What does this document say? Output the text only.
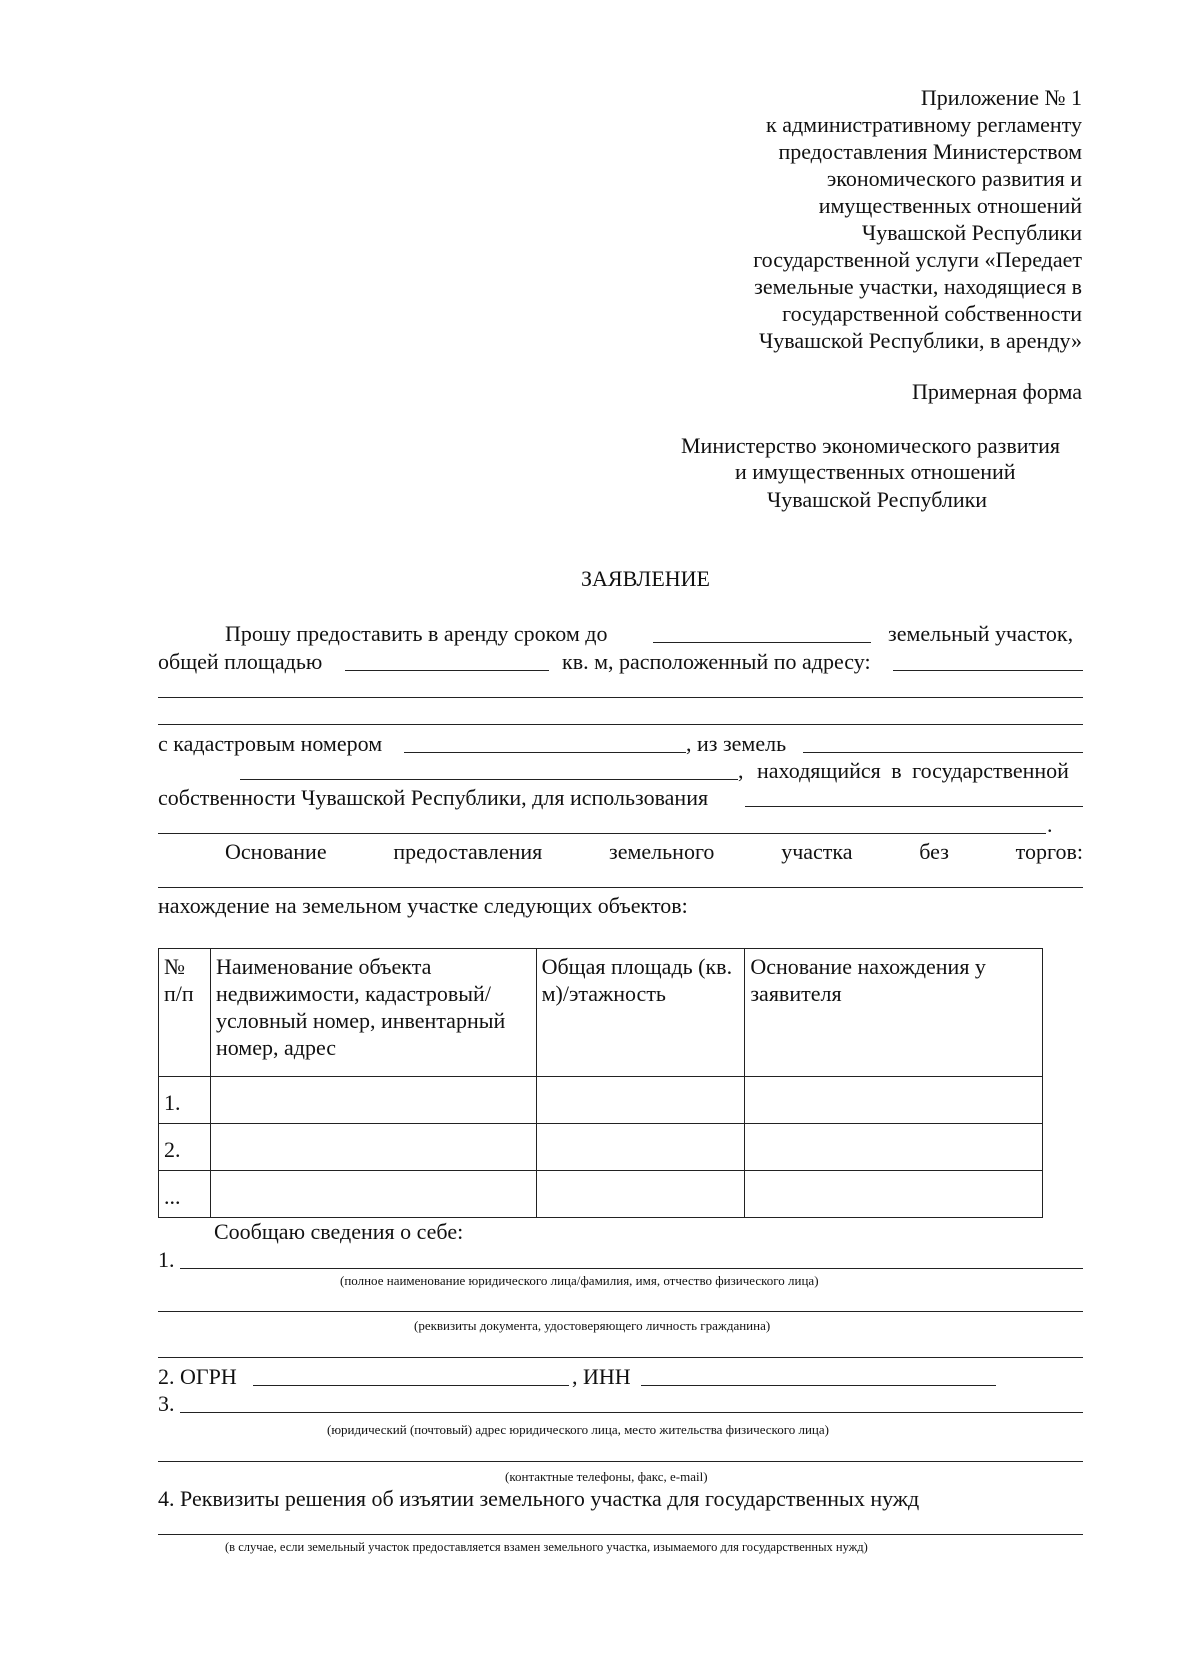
Приложение № 1
к административному регламенту
предоставления Министерством
экономического развития и
имущественных отношений
Чувашской Республики
государственной услуги «Передает
земельные участки, находящиеся в
государственной собственности
Чувашской Республики, в аренду»
Примерная форма
Министерство экономического развития
и имущественных отношений
Чувашской Республики
ЗАЯВЛЕНИЕ
Прошу предоставить в аренду сроком до	земельный участок,
общей площадью	кв. м, расположенный по адресу:
с кадастровым номером	, из земель
, находящийся в государственной
собственности Чувашской Республики, для использования
.
Основание	предоставления	земельного	участка	без	торгов:
нахождение на земельном участке следующих объектов:
№ п/п	Наименование объекта недвижимости, кадастровый/условный номер, инвентарный номер, адрес	Общая площадь (кв. м)/этажность	Основание нахождения у заявителя
1.			
2.			
...			
Сообщаю сведения о себе:
1.
(полное наименование юридического лица/фамилия, имя, отчество физического лица)
(реквизиты документа, удостоверяющего личность гражданина)
2. ОГРН	, ИНН
3.
(юридический (почтовый) адрес юридического лица, место жительства физического лица)
(контактные телефоны, факс, e-mail)
4. Реквизиты решения об изъятии земельного участка для государственных нужд
(в случае, если земельный участок предоставляется взамен земельного участка, изымаемого для государственных нужд)
